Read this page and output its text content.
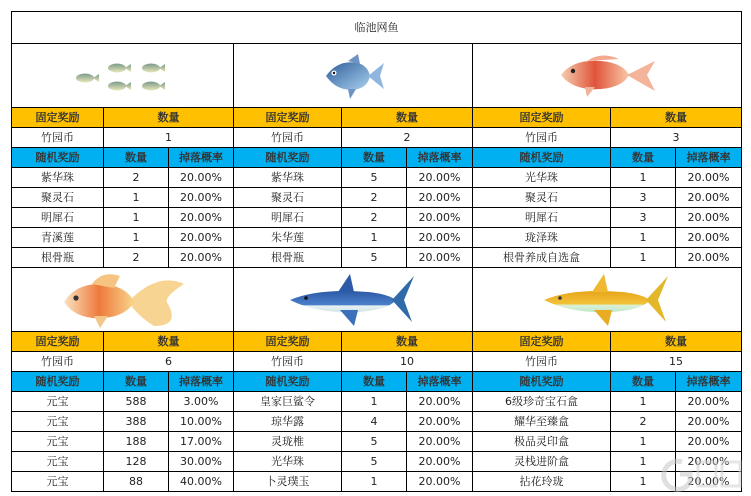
临池网鱼								

固定奖励	数量		固定奖励	数量		固定奖励	数量	
竹园币	1		竹园币	2		竹园币	3	
随机奖励	数量	掉落概率	随机奖励	数量	掉落概率	随机奖励	数量	掉落概率
紫华珠	2	20.00%	紫华珠	5	20.00%	光华珠	1	20.00%
聚灵石	1	20.00%	聚灵石	2	20.00%	聚灵石	3	20.00%
明犀石	1	20.00%	明犀石	2	20.00%	明犀石	3	20.00%
青溪莲	1	20.00%	朱华莲	1	20.00%	珑泽珠	1	20.00%
根骨瓶	2	20.00%	根骨瓶	5	20.00%	根骨养成自选盒	1	20.00%

固定奖励	数量		固定奖励	数量		固定奖励	数量	
竹园币	6		竹园币	10		竹园币	15	
随机奖励	数量	掉落概率	随机奖励	数量	掉落概率	随机奖励	数量	掉落概率
元宝	588	3.00%	皇家巨鲨令	1	20.00%	6级珍奇宝石盒	1	20.00%
元宝	388	10.00%	琼华露	4	20.00%	耀华至臻盒	2	20.00%
元宝	188	17.00%	灵珑椎	5	20.00%	极品灵印盒	1	20.00%
元宝	128	30.00%	光华珠	5	20.00%	灵栈进阶盒	1	20.00%
元宝	88	40.00%	卜灵璞玉	1	20.00%	拈花玲珑	1	20.00%
